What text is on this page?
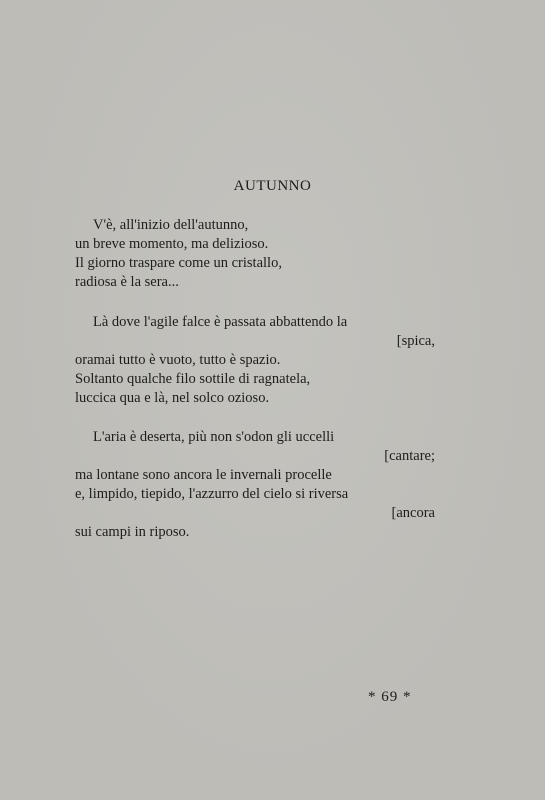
AUTUNNO
V'è, all'inizio dell'autunno,
un breve momento, ma delizioso.
Il giorno traspare come un cristallo,
radiosa è la sera...
Là dove l'agile falce è passata abbattendo la
[spica,
oramai tutto è vuoto, tutto è spazio.
Soltanto qualche filo sottile di ragnatela,
luccica qua e là, nel solco ozioso.
L'aria è deserta, più non s'odon gli uccelli
[cantare;
ma lontane sono ancora le invernali procelle
e, limpido, tiepido, l'azzurro del cielo si riversa
[ancora
sui campi in riposo.

* 69 *
